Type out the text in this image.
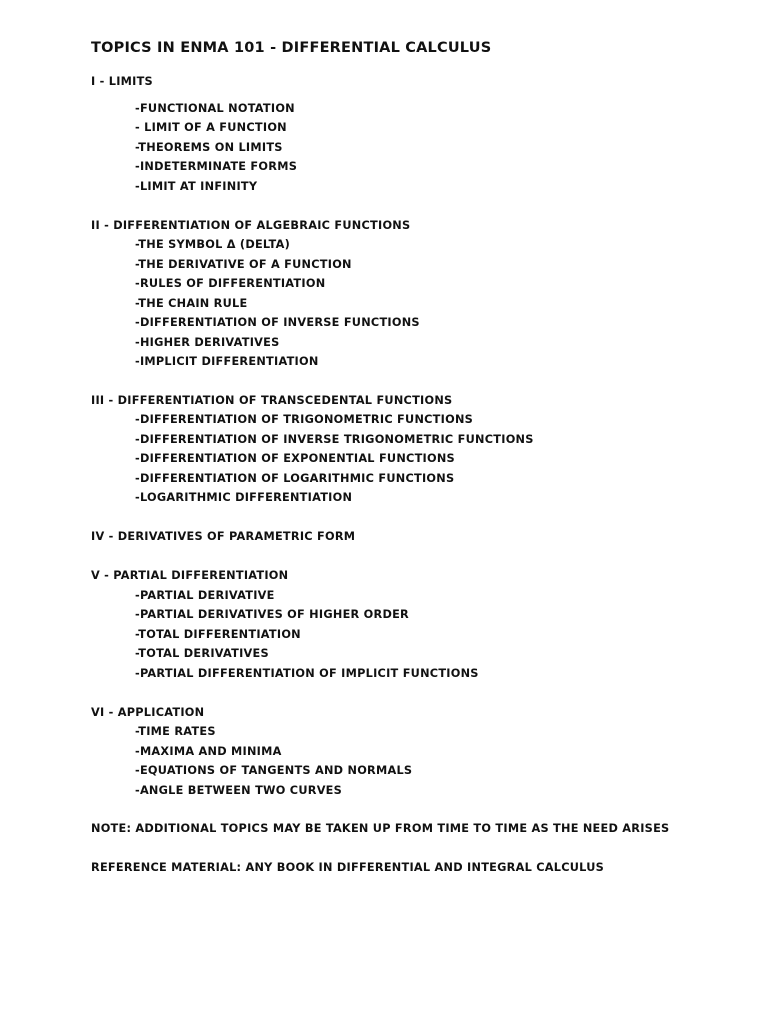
TOPICS IN ENMA 101 - DIFFERENTIAL CALCULUS
I - LIMITS
-FUNCTIONAL NOTATION
- LIMIT OF A FUNCTION
-THEOREMS ON LIMITS
-INDETERMINATE FORMS
-LIMIT AT INFINITY
II - DIFFERENTIATION OF ALGEBRAIC FUNCTIONS
-THE SYMBOL Δ (DELTA)
-THE DERIVATIVE OF A FUNCTION
-RULES OF DIFFERENTIATION
-THE CHAIN RULE
-DIFFERENTIATION OF INVERSE FUNCTIONS
-HIGHER DERIVATIVES
-IMPLICIT DIFFERENTIATION
III - DIFFERENTIATION OF TRANSCEDENTAL FUNCTIONS
-DIFFERENTIATION OF TRIGONOMETRIC FUNCTIONS
-DIFFERENTIATION OF INVERSE TRIGONOMETRIC FUNCTIONS
-DIFFERENTIATION OF EXPONENTIAL FUNCTIONS
-DIFFERENTIATION OF LOGARITHMIC FUNCTIONS
-LOGARITHMIC DIFFERENTIATION
IV - DERIVATIVES OF PARAMETRIC FORM
V - PARTIAL DIFFERENTIATION
-PARTIAL DERIVATIVE
-PARTIAL DERIVATIVES OF HIGHER ORDER
-TOTAL DIFFERENTIATION
-TOTAL DERIVATIVES
-PARTIAL DIFFERENTIATION OF IMPLICIT FUNCTIONS
VI - APPLICATION
-TIME RATES
-MAXIMA AND MINIMA
-EQUATIONS OF TANGENTS AND NORMALS
-ANGLE BETWEEN TWO CURVES
NOTE: ADDITIONAL TOPICS MAY BE TAKEN UP FROM TIME TO TIME AS THE NEED ARISES
REFERENCE MATERIAL: ANY BOOK IN DIFFERENTIAL AND INTEGRAL CALCULUS
